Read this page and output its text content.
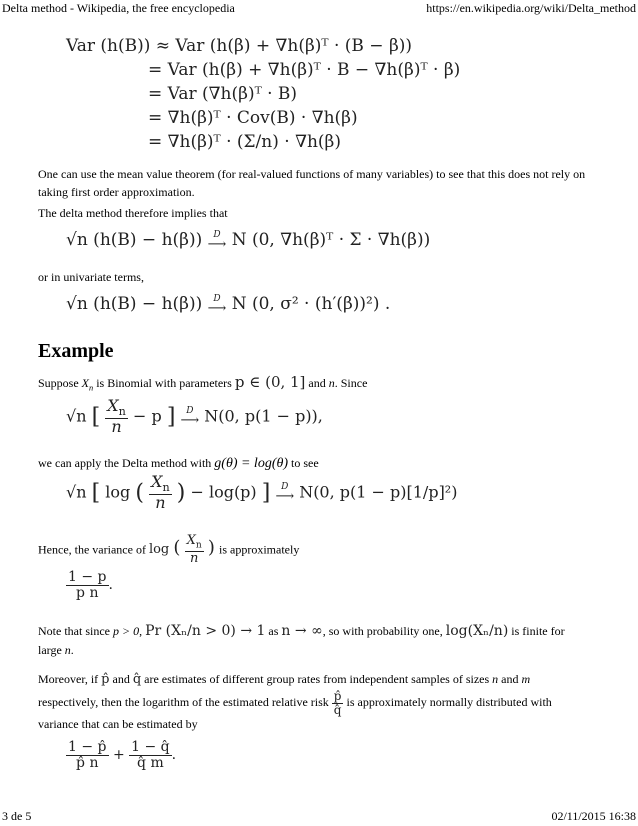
Delta method - Wikipedia, the free encyclopedia	https://en.wikipedia.org/wiki/Delta_method
Var (h(B)) ≈ Var (h(β) + ∇h(β)ᵀ · (B − β))
= Var (h(β) + ∇h(β)ᵀ · B − ∇h(β)ᵀ · β)
= Var (∇h(β)ᵀ · B)
= ∇h(β)ᵀ · Cov(B) · ∇h(β)
= ∇h(β)ᵀ · (Σ/n) · ∇h(β)
One can use the mean value theorem (for real-valued functions of many variables) to see that this does not rely on taking first order approximation.
The delta method therefore implies that
√n (h(B) − h(β)) D
⟶ N (0, ∇h(β)ᵀ · Σ · ∇h(β))
or in univariate terms,
√n (h(B) − h(β)) D
⟶ N (0, σ² · (h′(β))²) .
Example
Suppose $X_n$ is Binomial with parameters p ∈ (0, 1] and n. Since
√n [ $\frac{X_n}{n} - p$ ] D
⟶ N(0, p(1 − p)),
we can apply the Delta method with g(θ) = log(θ) to see
√n [ log ( $\frac{X_n}{n}$ ) − log(p) ] D
⟶ N(0, p(1 − p)[1/p]²)
Hence, the variance of log ( $\frac{X_n}{n}$ ) is approximately
$\frac{1 - p}{\text{p n}}$ .
Note that since p > 0, Pr (Xₙ/n > 0) → 1 as n → ∞, so with probability one, log(Xₙ/n) is finite for
large n.
Moreover, if p̂ and q̂ are estimates of different group rates from independent samples of sizes n and m
respectively, then the logarithm of the estimated relative risk $\frac{p̂}{q̂}$ is approximately normally distributed with
variance that can be estimated by
$\frac{1 - p̂}{p̂ n} + \frac{1 - q̂}{q̂ m}$ .
3 de 5	02/11/2015 16:38
